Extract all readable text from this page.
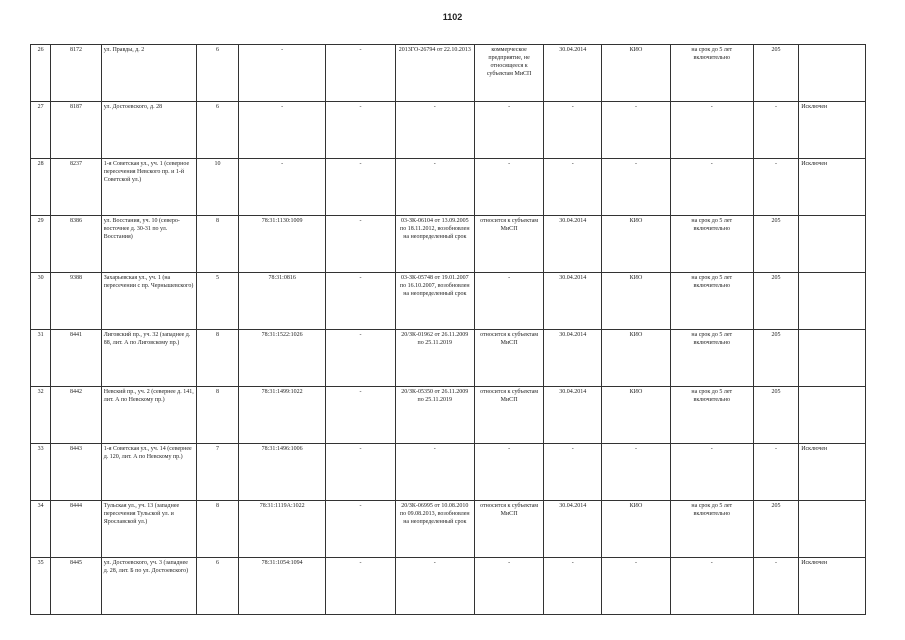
1102
26	8172	ул. Правды, д. 2	6	-	-	2013ГО-26794 от 22.10.2013	коммерческое предприятие, не относящееся к субъектам МиСП	30.04.2014	КИО	на срок до 5 лет включительно	205	
27	8187	ул. Достоевского, д. 28	6	-	-	-	-	-	-	-	-	Исключен
28	8237	1-я Советская ул., уч. 1 (северное пересечения Невского пр. и 1-й Советской ул.)	10	-	-	-	-	-	-	-	-	Исключен
29	8386	ул. Восстания, уч. 10 (северо-восточнее д. 30-31 по ул. Восстания)	8	78:31:1130:1009	-	03-ЗК-06104 от 13.09.2005 по 18.11.2012, возобновлен на неопределенный срок	относится к субъектам МиСП	30.04.2014	КИО	на срок до 5 лет включительно	205	
30	9388	Захарьевская ул., уч. 1 (на пересечении с пр. Чернышевского)	5	78:31:0816	-	03-ЗК-05748 от 19.01.2007 по 16.10.2007, возобновлен на неопределенный срок	-	30.04.2014	КИО	на срок до 5 лет включительно	205	
31	8441	Лиговский пр., уч. 32 (западнее д. 88, лит. А по Лиговскому пр.)	8	78:31:1522:1026	-	20/ЗК-01962 от 26.11.2009 по 25.11.2019	относится к субъектам МиСП	30.04.2014	КИО	на срок до 5 лет включительно	205	
32	8442	Невский пр., уч. 2 (севернее д. 141, лит. А по Невскому пр.)	8	78:31:1499:1022	-	20/ЗК-05350 от 26.11.2009 по 25.11.2019	относится к субъектам МиСП	30.04.2014	КИО	на срок до 5 лет включительно	205	
33	8443	1-я Советская ул., уч. 14 (севернее д. 120, лит. А по Невскому пр.)	7	78:31:1496:1006	-	-	-	-	-	-	-	Исключен
34	8444	Тульская ул., уч. 13 (западнее пересечения Тульской ул. и Ярославской ул.)	8	78:31:1119A:1022	-	20/ЗК-06995 от 10.08.2010 по 09.08.2013, возобновлен на неопределенный срок	относится к субъектам МиСП	30.04.2014	КИО	на срок до 5 лет включительно	205	
35	8445	ул. Достоевского, уч. 3 (западнее д. 28, лит. Б по ул. Достоевского)	6	78:31:1054:1094	-	-	-	-	-	-	-	Исключен
